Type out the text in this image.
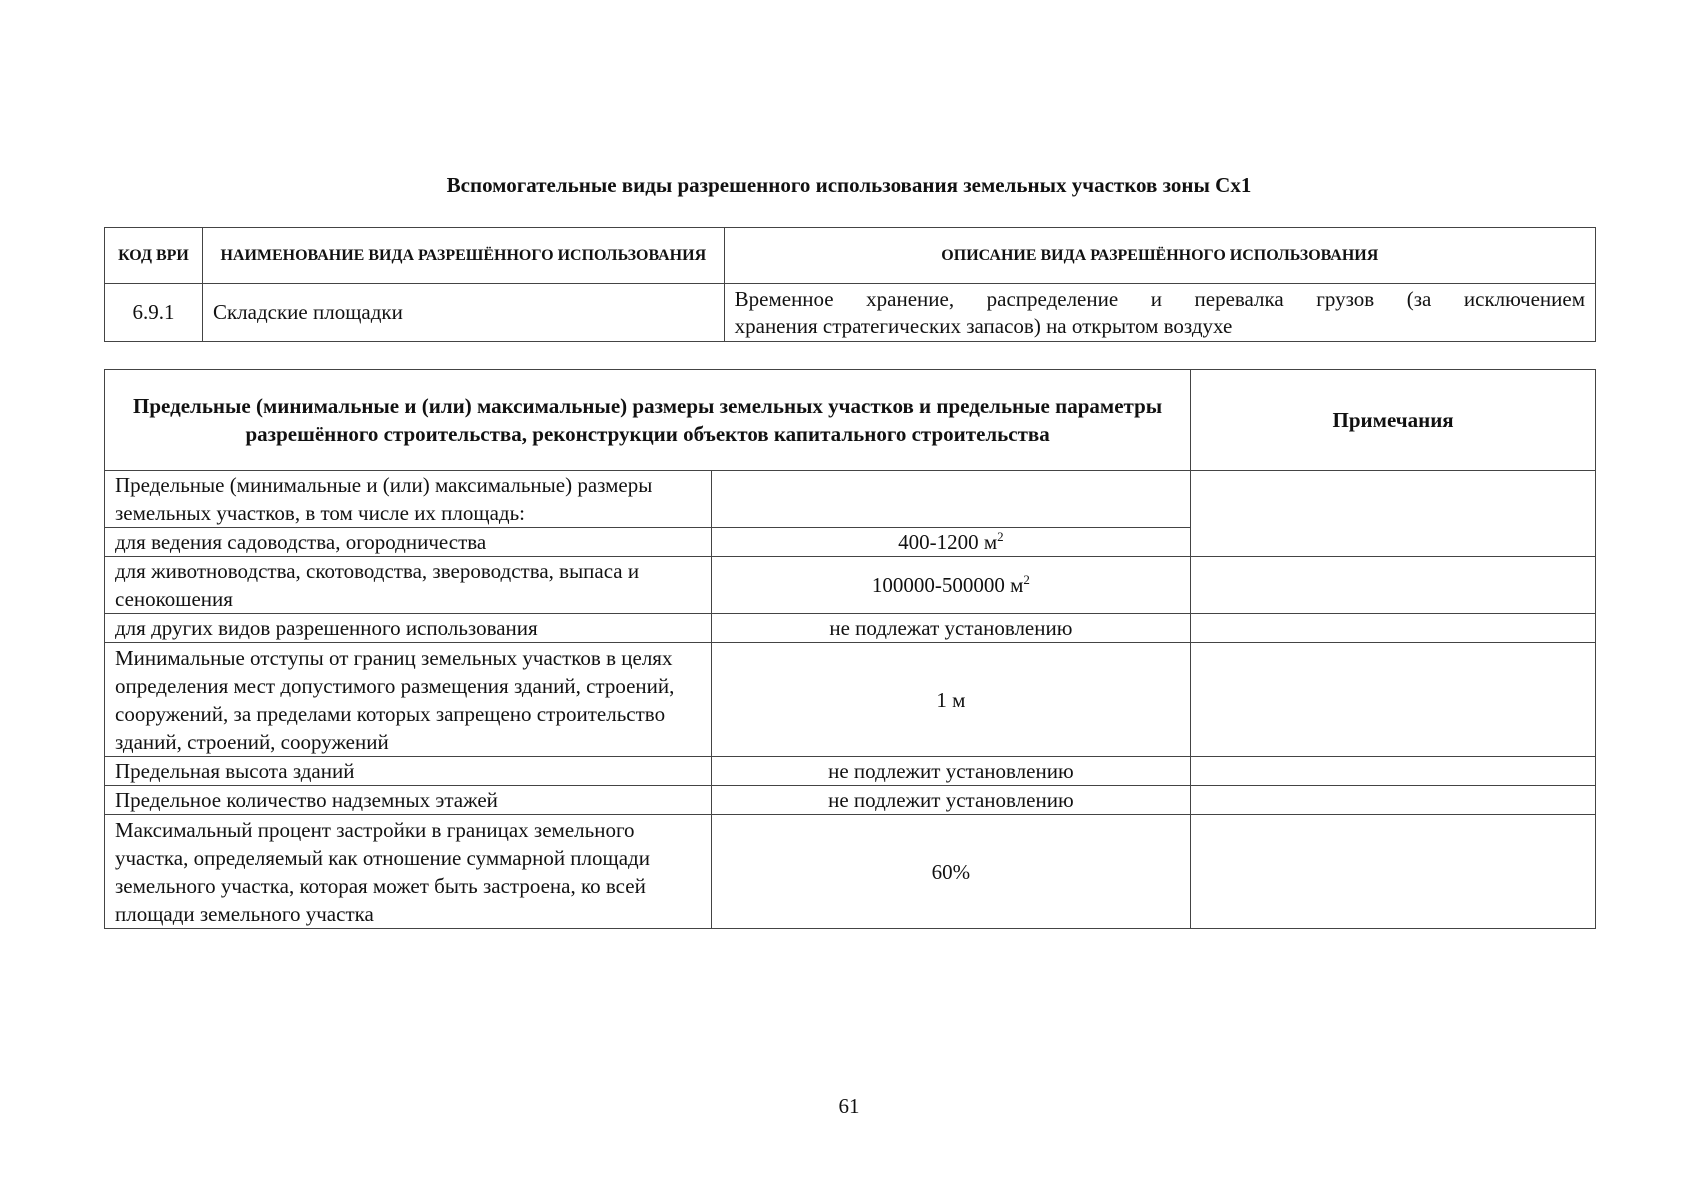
Вспомогательные виды разрешенного использования земельных участков зоны Сх1
КОД ВРИ	НАИМЕНОВАНИЕ ВИДА РАЗРЕШЁННОГО ИСПОЛЬЗОВАНИЯ	ОПИСАНИЕ ВИДА РАЗРЕШЁННОГО ИСПОЛЬЗОВАНИЯ
6.9.1	Складские площадки	Временное хранение, распределение и перевалка грузов (за исключением
хранения стратегических запасов) на открытом воздухе
Предельные (минимальные и (или) максимальные) размеры земельных участков и предельные параметры разрешённого строительства, реконструкции объектов капитального строительства		Примечания
Предельные (минимальные и (или) максимальные) размеры земельных участков, в том числе их площадь:		
для ведения садоводства, огородничества	400-1200 $м^2$
для животноводства, скотоводства, звероводства, выпаса и сенокошения	100000-500000 $м^2$	
для других видов разрешенного использования	не подлежат установлению	
Минимальные отступы от границ земельных участков в целях определения мест допустимого размещения зданий, строений, сооружений, за пределами которых запрещено строительство зданий, строений, сооружений	1 м	
Предельная высота зданий	не подлежит установлению	
Предельное количество надземных этажей	не подлежит установлению	
Максимальный процент застройки в границах земельного участка, определяемый как отношение суммарной площади земельного участка, которая может быть застроена, ко всей площади земельного участка	60%	
61
